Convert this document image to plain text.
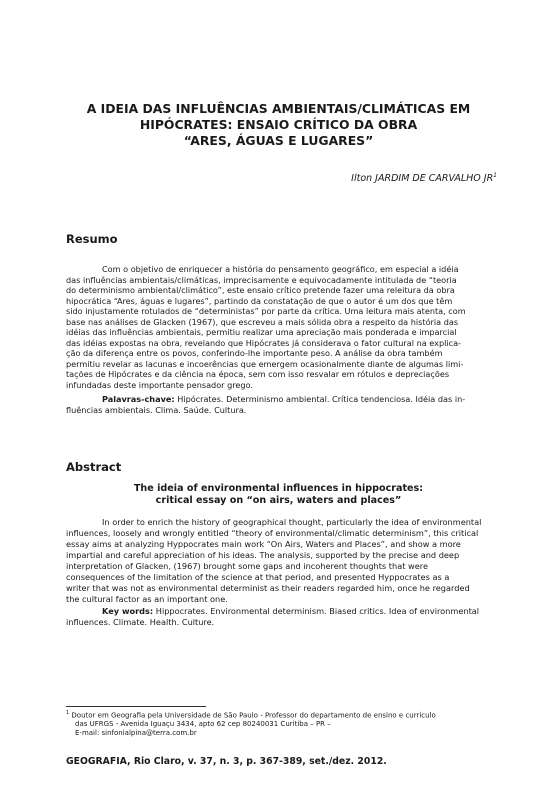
A IDEIA DAS INFLUÊNCIAS AMBIENTAIS/CLIMÁTICAS EM
HIPÓCRATES: ENSAIO CRÍTICO DA OBRA
“ARES, ÁGUAS E LUGARES”

Ilton JARDIM DE CARVALHO $JR^1$

Resumo
Com o objetivo de enriquecer a história do pensamento geográfico, em especial a idéia
das influências ambientais/climáticas, imprecisamente e equivocadamente intitulada de “teoria
do determinismo ambiental/climático”, este ensaio crítico pretende fazer uma releitura da obra
hipocrática “Ares, águas e lugares”, partindo da constatação de que o autor é um dos que têm
sido injustamente rotulados de “deterministas” por parte da crítica. Uma leitura mais atenta, com
base nas análises de Glacken (1967), que escreveu a mais sólida obra a respeito da história das
idéias das influências ambientais, permitiu realizar uma apreciação mais ponderada e imparcial
das idéias expostas na obra, revelando que Hipócrates já considerava o fator cultural na explica-
ção da diferença entre os povos, conferindo-lhe importante peso. A análise da obra também
permitiu revelar as lacunas e incoerências que emergem ocasionalmente diante de algumas limi-
tações de Hipócrates e da ciência na época, sem com isso resvalar em rótulos e depreciações
infundadas deste importante pensador grego.
Palavras-chave: Hipócrates. Determinismo ambiental. Crítica tendenciosa. Idéia das in-
fluências ambientais. Clima. Saúde. Cultura.
Abstract
The ideia of environmental influences in hippocrates:
critical essay on “on airs, waters and places”
In order to enrich the history of geographical thought, particularly the idea of environmental
influences, loosely and wrongly entitled “theory of environmental/climatic determinism”, this critical
essay aims at analyzing Hyppocrates main work “On Airs, Waters and Places”, and show a more
impartial and careful appreciation of his ideas. The analysis, supported by the precise and deep
interpretation of Glacken, (1967) brought some gaps and incoherent thoughts that were
consequences of the limitation of the science at that period, and presented Hyppocrates as a
writer that was not as environmental determinist as their readers regarded him, once he regarded
the cultural factor as an important one.
Key words: Hippocrates. Environmental determinism. Biased critics. Idea of environmental
influences. Climate. Health. Culture.
$^1$ Doutor em Geografia pela Universidade de São Paulo - Professor do departamento de ensino e currículo
das UFRGS - Avenida Iguaçu 3434, apto 62 cep 80240031 Curitiba – PR –
E-mail: sinfonialpina@terra.com.br

GEOGRAFIA, Rio Claro, v. 37, n. 3, p. 367-389, set./dez. 2012.
